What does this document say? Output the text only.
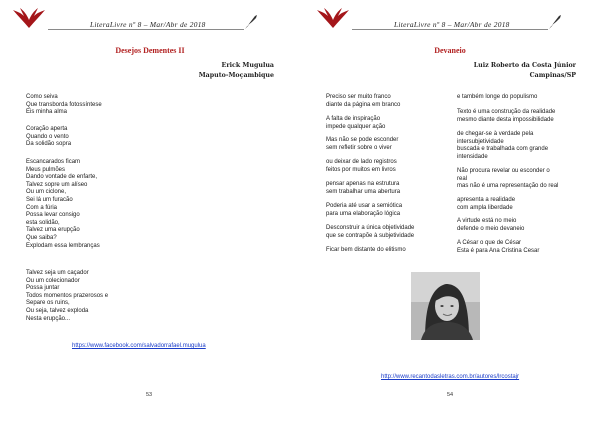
LiteraLivre nº 8 – Mar/Abr de 2018
Desejos Dementes II
Erick Mugulua
Maputo-Moçambique
Como seiva
Que transborda fotossíntese
Eis minha alma
Coração aperta
Quando o vento
Da solidão sopra
Escancarados ficam
Meus pulmões
Dando vontade de enfarte,
Talvez sopre um alíseo
Ou um ciclone,
Sei lá um furacão
Com a fúria
Possa levar consigo
esta solidão,
Talvez uma erupção
Que saiba?
Explodam essa lembranças
Talvez seja um caçador
Ou um colecionador
Possa juntar
Todos momentos prazerosos e
Separe os ruins,
Ou seja, talvez exploda
Nesta erupção...
https://www.facebook.com/salvadorrafael.mugulua
53
LiteraLivre nº 8 – Mar/Abr de 2018
Devaneio
Luiz Roberto da Costa Júnior
Campinas/SP
Preciso ser muito franco
diante da página em branco
A falta de inspiração
impede qualquer ação
Mas não se pode esconder
sem refletir sobre o viver
ou deixar de lado registros
feitos por muitos em livros
pensar apenas na estrutura
sem trabalhar uma abertura
Poderia até usar a semiótica
para uma elaboração lógica
Desconstruir a única objetividade
que se contrapõe à subjetividade
Ficar bem distante do elitismo
e também longe do populismo
Texto é uma construção da realidade
mesmo diante desta impossibilidade
de chegar-se à verdade pela
intersubjetividade
buscada e trabalhada com grande
intensidade
Não procura revelar ou esconder o
real
mas não é uma representação do real
apresenta a realidade
com ampla liberdade
A virtude está no meio
defende o meio devaneio
A César o que de César
Esta é para Ana Cristina Cesar
http://www.recantodasletras.com.br/autores/lrcostajr
54
